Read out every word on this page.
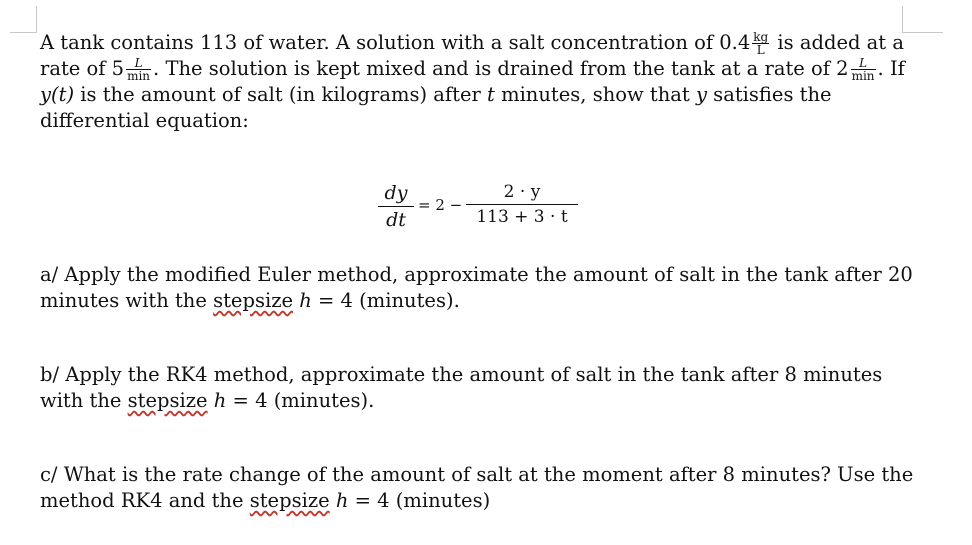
A tank contains 113 of water. A solution with a salt concentration of $0.4 \frac{kg}{L}$ is added at a

rate of $5 \frac{L}{\min}$ . The solution is kept mixed and is drained from the tank at a rate of $2 \frac{L}{\min}$ . If

y(t) is the amount of salt (in kilograms) after t minutes, show that y satisfies the

differential equation:

$\frac{dy}{dt} = 2 - \frac{2 \cdot y}{113 + 3 \cdot t}$

a/ Apply the modified Euler method, approximate the amount of salt in the tank after 20
minutes with the stepsize h = 4 (minutes).

b/ Apply the RK4 method, approximate the amount of salt in the tank after 8 minutes
with the stepsize h = 4 (minutes).

c/ What is the rate change of the amount of salt at the moment after 8 minutes? Use the
method RK4 and the stepsize h = 4 (minutes)
